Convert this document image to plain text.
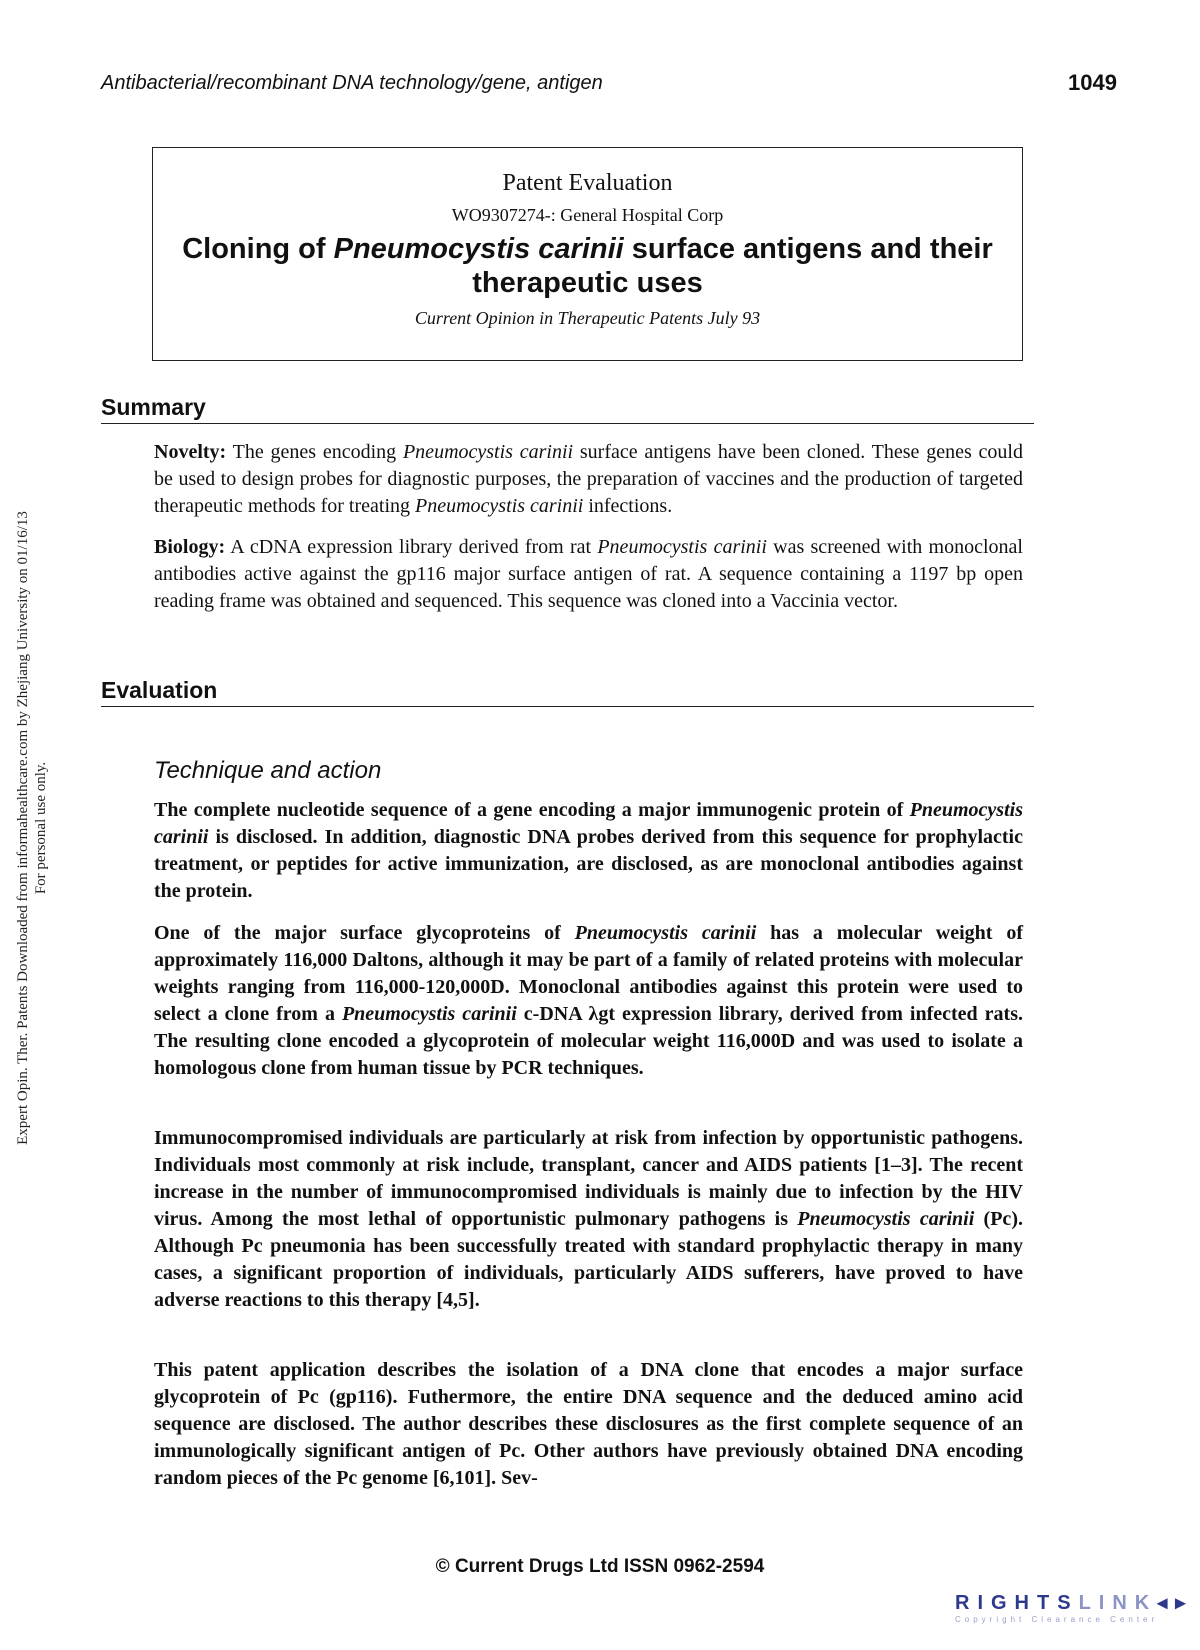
Antibacterial/recombinant DNA technology/gene, antigen	1049
Patent Evaluation
WO9307274-: General Hospital Corp
Cloning of Pneumocystis carinii surface antigens and their therapeutic uses
Current Opinion in Therapeutic Patents July 93
Summary
Novelty: The genes encoding Pneumocystis carinii surface antigens have been cloned. These genes could be used to design probes for diagnostic purposes, the preparation of vaccines and the production of targeted therapeutic methods for treating Pneumocystis carinii infections.
Biology: A cDNA expression library derived from rat Pneumocystis carinii was screened with monoclonal antibodies active against the gp116 major surface antigen of rat. A sequence containing a 1197 bp open reading frame was obtained and sequenced. This sequence was cloned into a Vaccinia vector.
Evaluation
Technique and action
The complete nucleotide sequence of a gene encoding a major immunogenic protein of Pneumocystis carinii is disclosed. In addition, diagnostic DNA probes derived from this sequence for prophylactic treatment, or peptides for active immunization, are disclosed, as are monoclonal antibodies against the protein.
One of the major surface glycoproteins of Pneumocystis carinii has a molecular weight of approximately 116,000 Daltons, although it may be part of a family of related proteins with molecular weights ranging from 116,000-120,000D. Monoclonal antibodies against this protein were used to select a clone from a Pneumocystis carinii c-DNA λgt expression library, derived from infected rats. The resulting clone encoded a glycoprotein of molecular weight 116,000D and was used to isolate a homologous clone from human tissue by PCR techniques.
Immunocompromised individuals are particularly at risk from infection by opportunistic pathogens. Individuals most commonly at risk include, transplant, cancer and AIDS patients [1–3]. The recent increase in the number of immunocompromised individuals is mainly due to infection by the HIV virus. Among the most lethal of opportunistic pulmonary pathogens is Pneumocystis carinii (Pc). Although Pc pneumonia has been successfully treated with standard prophylactic therapy in many cases, a significant proportion of individuals, particularly AIDS sufferers, have proved to have adverse reactions to this therapy [4,5].
This patent application describes the isolation of a DNA clone that encodes a major surface glycoprotein of Pc (gp116). Futhermore, the entire DNA sequence and the deduced amino acid sequence are disclosed. The author describes these disclosures as the first complete sequence of an immunologically significant antigen of Pc. Other authors have previously obtained DNA encoding random pieces of the Pc genome [6,101]. Sev-
© Current Drugs Ltd ISSN 0962-2594
Expert Opin. Ther. Patents Downloaded from informahealthcare.com by Zhejiang University on 01/16/13 For personal use only.
RIGHTSLINK◂▸
Copyright Clearance Center
